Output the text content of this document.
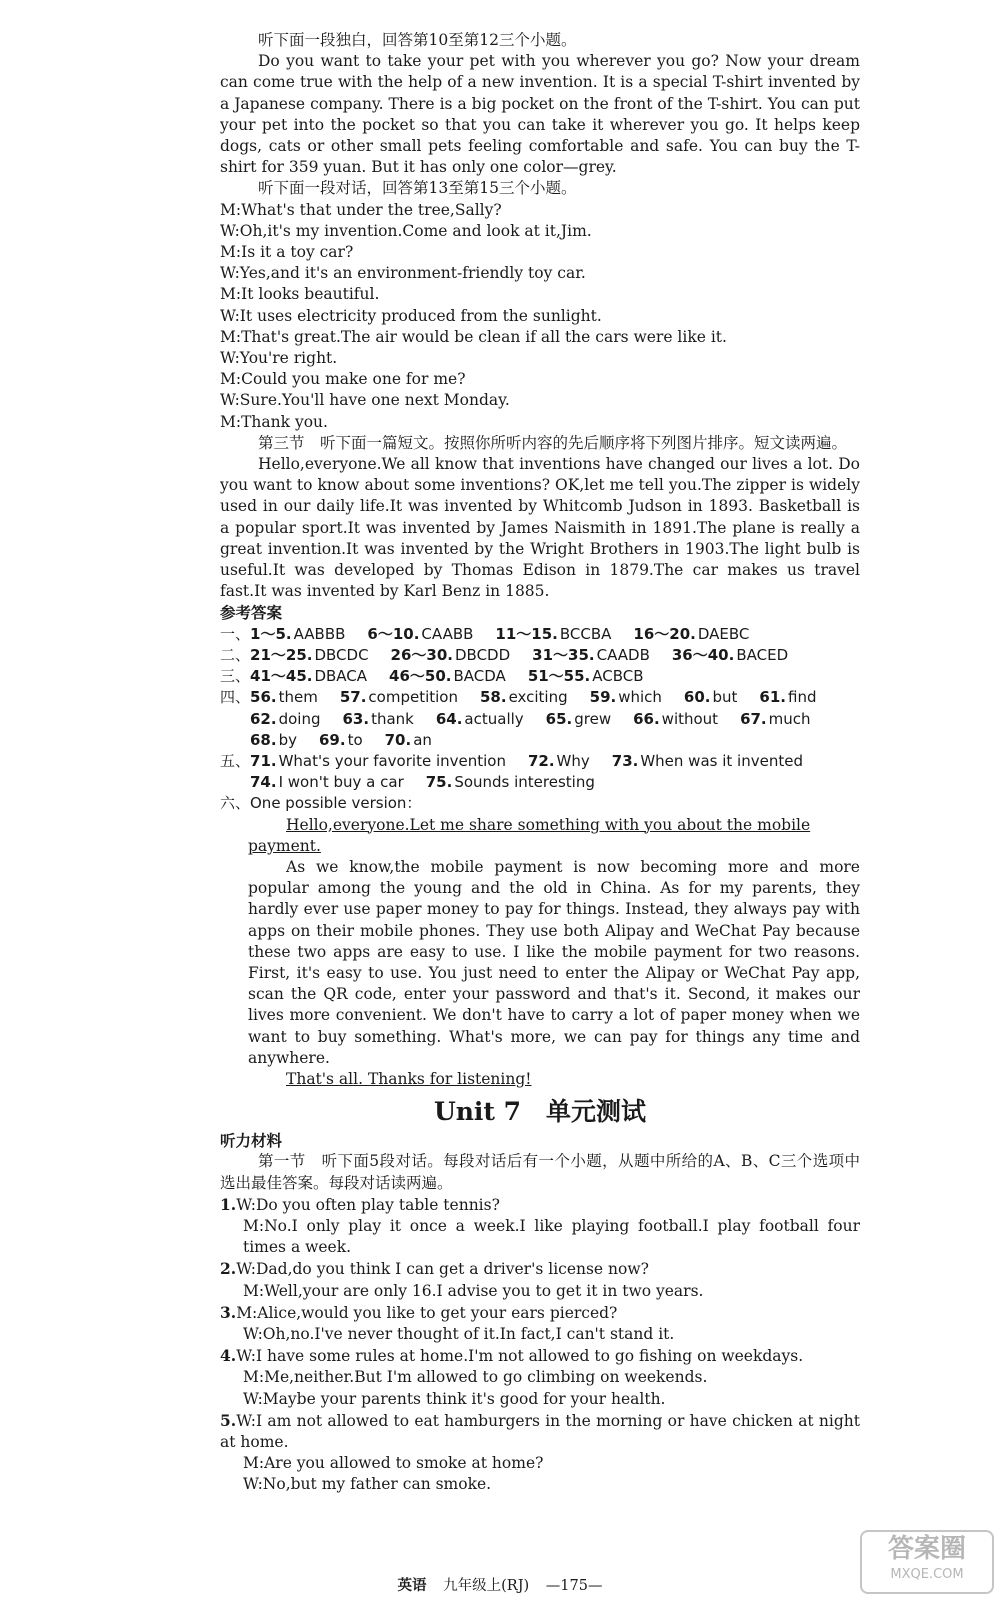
听下面一段独白，回答第10至第12三个小题。

Do you want to take your pet with you wherever you go? Now your dream can come true with the help of a new invention. It is a special T-shirt invented by a Japanese company. There is a big pocket on the front of the T-shirt. You can put your pet into the pocket so that you can take it wherever you go. It helps keep dogs, cats or other small pets feeling comfortable and safe. You can buy the T-shirt for 359 yuan. But it has only one color—grey.

听下面一段对话，回答第13至第15三个小题。

M:What's that under the tree,Sally?

W:Oh,it's my invention.Come and look at it,Jim.

M:Is it a toy car?

W:Yes,and it's an environment-friendly toy car.

M:It looks beautiful.

W:It uses electricity produced from the sunlight.

M:That's great.The air would be clean if all the cars were like it.

W:You're right.

M:Could you make one for me?

W:Sure.You'll have one next Monday.

M:Thank you.

第三节　听下面一篇短文。按照你所听内容的先后顺序将下列图片排序。短文读两遍。

Hello,everyone.We all know that inventions have changed our lives a lot. Do you want to know about some inventions? OK,let me tell you.The zipper is widely used in our daily life.It was invented by Whitcomb Judson in 1893. Basketball is a popular sport.It was invented by James Naismith in 1891.The plane is really a great invention.It was invented by the Wright Brothers in 1903.The light bulb is useful.It was developed by Thomas Edison in 1879.The car makes us travel fast.It was invented by Karl Benz in 1885.

参考答案

一、1～5. AABBB 6～10. CAABB 11～15. BCCBA 16～20. DAEBC

二、21～25. DBCDC 26～30. DBCDD 31～35. CAADB 36～40. BACED

三、41～45. DBACA 46～50. BACDA 51～55. ACBCB

四、56. them 57. competition 58. exciting 59. which 60. but 61. find

62. doing 63. thank 64. actually 65. grew 66. without 67. much

68. by 69. to 70. an

五、71. What's your favorite invention 72. Why 73. When was it invented

74. I won't buy a car 75. Sounds interesting

六、One possible version：

Hello,everyone.Let me share something with you about the mobile

payment.

As we know,the mobile payment is now becoming more and more popular among the young and the old in China. As for my parents, they hardly ever use paper money to pay for things. Instead, they always pay with apps on their mobile phones. They use both Alipay and WeChat Pay because these two apps are easy to use. I like the mobile payment for two reasons. First, it's easy to use. You just need to enter the Alipay or WeChat Pay app, scan the QR code, enter your password and that's it. Second, it makes our lives more convenient. We don't have to carry a lot of paper money when we want to buy something. What's more, we can pay for things any time and anywhere.

That's all. Thanks for listening!

Unit 7　单元测试

听力材料

第一节　听下面5段对话。每段对话后有一个小题，从题中所给的A、B、C三个选项中选出最佳答案。每段对话读两遍。

1.W:Do you often play table tennis?

M:No.I only play it once a week.I like playing football.I play football four times a week.

2.W:Dad,do you think I can get a driver's license now?

M:Well,your are only 16.I advise you to get it in two years.

3.M:Alice,would you like to get your ears pierced?

W:Oh,no.I've never thought of it.In fact,I can't stand it.

4.W:I have some rules at home.I'm not allowed to go fishing on weekdays.

M:Me,neither.But I'm allowed to go climbing on weekends.

W:Maybe your parents think it's good for your health.

5.W:I am not allowed to eat hamburgers in the morning or have chicken at night at home.

M:Are you allowed to smoke at home?

W:No,but my father can smoke.

英语 九年级上(RJ) —175—
答案圈
MXQE.COM
